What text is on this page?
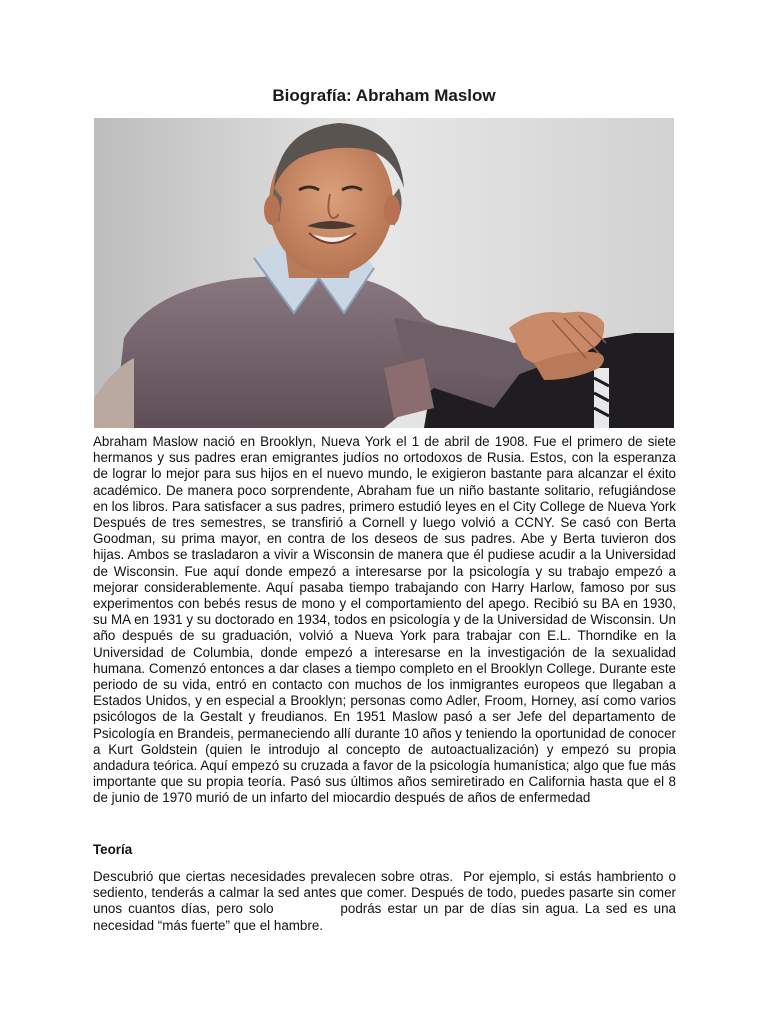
Biografía: Abraham Maslow

Abraham Maslow nació en Brooklyn, Nueva York el 1 de abril de 1908. Fue el primero de siete hermanos y sus padres eran emigrantes judíos no ortodoxos de Rusia. Estos, con la esperanza de lograr lo mejor para sus hijos en el nuevo mundo, le exigieron bastante para alcanzar el éxito académico. De manera poco sorprendente, Abraham fue un niño bastante solitario, refugiándose en los libros. Para satisfacer a sus padres, primero estudió leyes en el City College de Nueva York Después de tres semestres, se transfirió a Cornell y luego volvió a CCNY. Se casó con Berta Goodman, su prima mayor, en contra de los deseos de sus padres. Abe y Berta tuvieron dos hijas. Ambos se trasladaron a vivir a Wisconsin de manera que él pudiese acudir a la Universidad de Wisconsin. Fue aquí donde empezó a interesarse por la psicología y su trabajo empezó a mejorar considerablemente. Aquí pasaba tiempo trabajando con Harry Harlow, famoso por sus experimentos con bebés resus de mono y el comportamiento del apego. Recibió su BA en 1930, su MA en 1931 y su doctorado en 1934, todos en psicología y de la Universidad de Wisconsin. Un año después de su graduación, volvió a Nueva York para trabajar con E.L. Thorndike en la Universidad de Columbia, donde empezó a interesarse en la investigación de la sexualidad humana. Comenzó entonces a dar clases a tiempo completo en el Brooklyn College. Durante este periodo de su vida, entró en contacto con muchos de los inmigrantes europeos que llegaban a Estados Unidos, y en especial a Brooklyn; personas como Adler, Froom, Horney, así como varios psicólogos de la Gestalt y freudianos. En 1951 Maslow pasó a ser Jefe del departamento de Psicología en Brandeis, permaneciendo allí durante 10 años y teniendo la oportunidad de conocer a Kurt Goldstein (quien le introdujo al concepto de autoactualización) y empezó su propia andadura teórica. Aquí empezó su cruzada a favor de la psicología humanística; algo que fue más importante que su propia teoría. Pasó sus últimos años semiretirado en California hasta que el 8 de junio de 1970 murió de un infarto del miocardio después de años de enfermedad

Teoría

Descubrió que ciertas necesidades prevalecen sobre otras.  Por ejemplo, si estás hambriento o sediento, tenderás a calmar la sed antes que comer. Después de todo, puedes pasarte sin comer   unos cuantos días, pero solo           podrás estar un par de días sin agua. La sed es una necesidad “más fuerte” que el hambre.
